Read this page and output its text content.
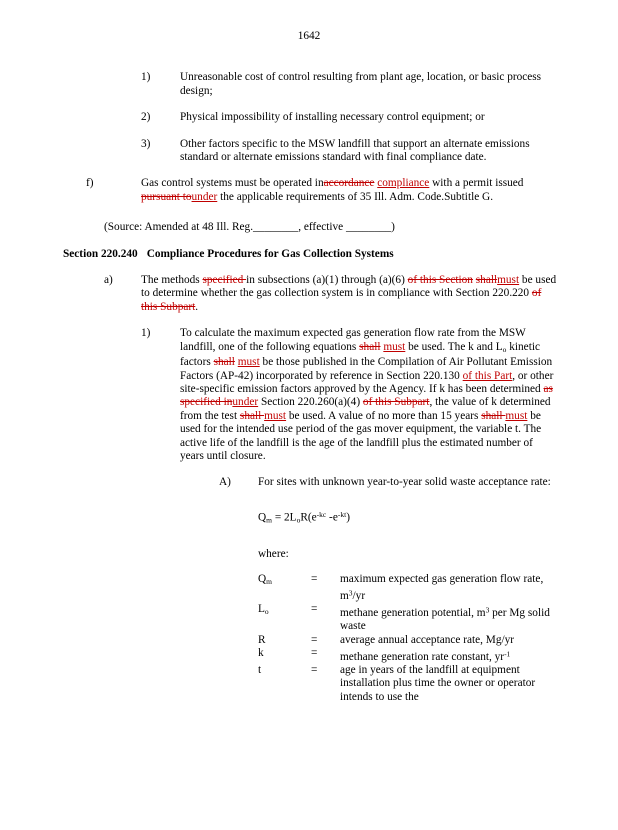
1642
1)	Unreasonable cost of control resulting from plant age, location, or basic process design;
2)	Physical impossibility of installing necessary control equipment; or
3)	Other factors specific to the MSW landfill that support an alternate emissions standard or alternate emissions standard with final compliance date.
f)	Gas control systems must be operated inaccordance compliance with a permit issued pursuant tounder the applicable requirements of 35 Ill. Adm. Code.Subtitle G.
(Source: Amended at 48 Ill. Reg.________, effective ________)
Section 220.240 Compliance Procedures for Gas Collection Systems
a) The methods specified in subsections (a)(1) through (a)(6) of this Section shallmust be used to determine whether the gas collection system is in compliance with Section 220.220 of this Subpart.
1)	To calculate the maximum expected gas generation flow rate from the MSW landfill, one of the following equations shall must be used. The k and Lo kinetic factors shall must be those published in the Compilation of Air Pollutant Emission Factors (AP-42) incorporated by reference in Section 220.130 of this Part, or other site-specific emission factors approved by the Agency. If k has been determined as specified inunder Section 220.260(a)(4) of this Subpart, the value of k determined from the test shall must be used. A value of no more than 15 years shall must be used for the intended use period of the gas mover equipment, the variable t. The active life of the landfill is the age of the landfill plus the estimated number of years until closure.
A) For sites with unknown year-to-year solid waste acceptance rate:
$Qm = 2LoR(e^{-kc}$ $-e^{-kt}$)
where:
Qm	= maximum expected gas generation flow rate, $m^3/yr$
Lo	= methane generation potential, $m^3$ per Mg solid waste
R	= average annual acceptance rate, Mg/yr
k	= methane generation rate constant, $yr^{-1}$
t	= age in years of the landfill at equipment installation plus time the owner or operator intends to use the
